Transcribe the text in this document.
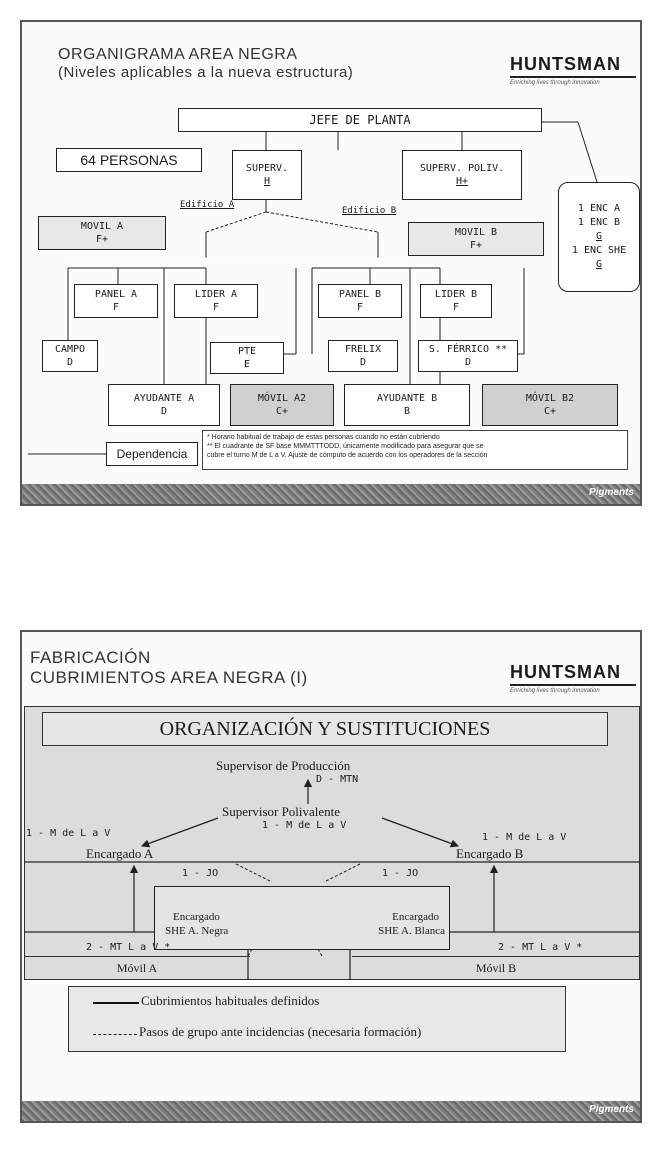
ORGANIGRAMA AREA NEGRA
(Niveles aplicables a la nueva estructura)	HUNTSMAN
Enriching lives through innovation
JEFE DE PLANTA
64 PERSONAS
SUPERV.
H
SUPERV. POLIV.
H+
1 ENC A
1 ENC B
G
1 ENC SHE
G
Edificio A
Edificio B
MOVIL A
F+
MOVIL B
F+
PANEL A
F
LIDER A
F
PANEL B
F
LIDER B
F
CAMPO
D
PTE
E
FRELIX
D
S. FÉRRICO **
D
AYUDANTE A
D
MÓVIL A2
C+
AYUDANTE B
B
MÓVIL B2
C+
Dependencia
* Horario habitual de trabajo de estas personas cuando no están cubriendo
** El cuadrante de SF base MMMTTTODD, únicamente modificado para asegurar que se
cubre el turno M de L a V. Ajuste de cómputo de acuerdo con los operadores de la sección
Pigments
FABRICACIÓN
CUBRIMIENTOS AREA NEGRA (I)	HUNTSMAN
Enriching lives through innovation
ORGANIZACIÓN Y SUSTITUCIONES
Supervisor de Producción
D - MTN
Supervisor Polivalente
1 - M de L a V
1 - M de L a V	1 - M de L a V
Encargado A	Encargado B
1 - JO	1 - JO
Encargado
SHE A. Negra
Encargado
SHE A. Blanca
2 - MT L a V *	2 - MT L a V *
Móvil A	Móvil B
Cubrimientos habituales definidos
Pasos de grupo ante incidencias (necesaria formación)
Pigments
